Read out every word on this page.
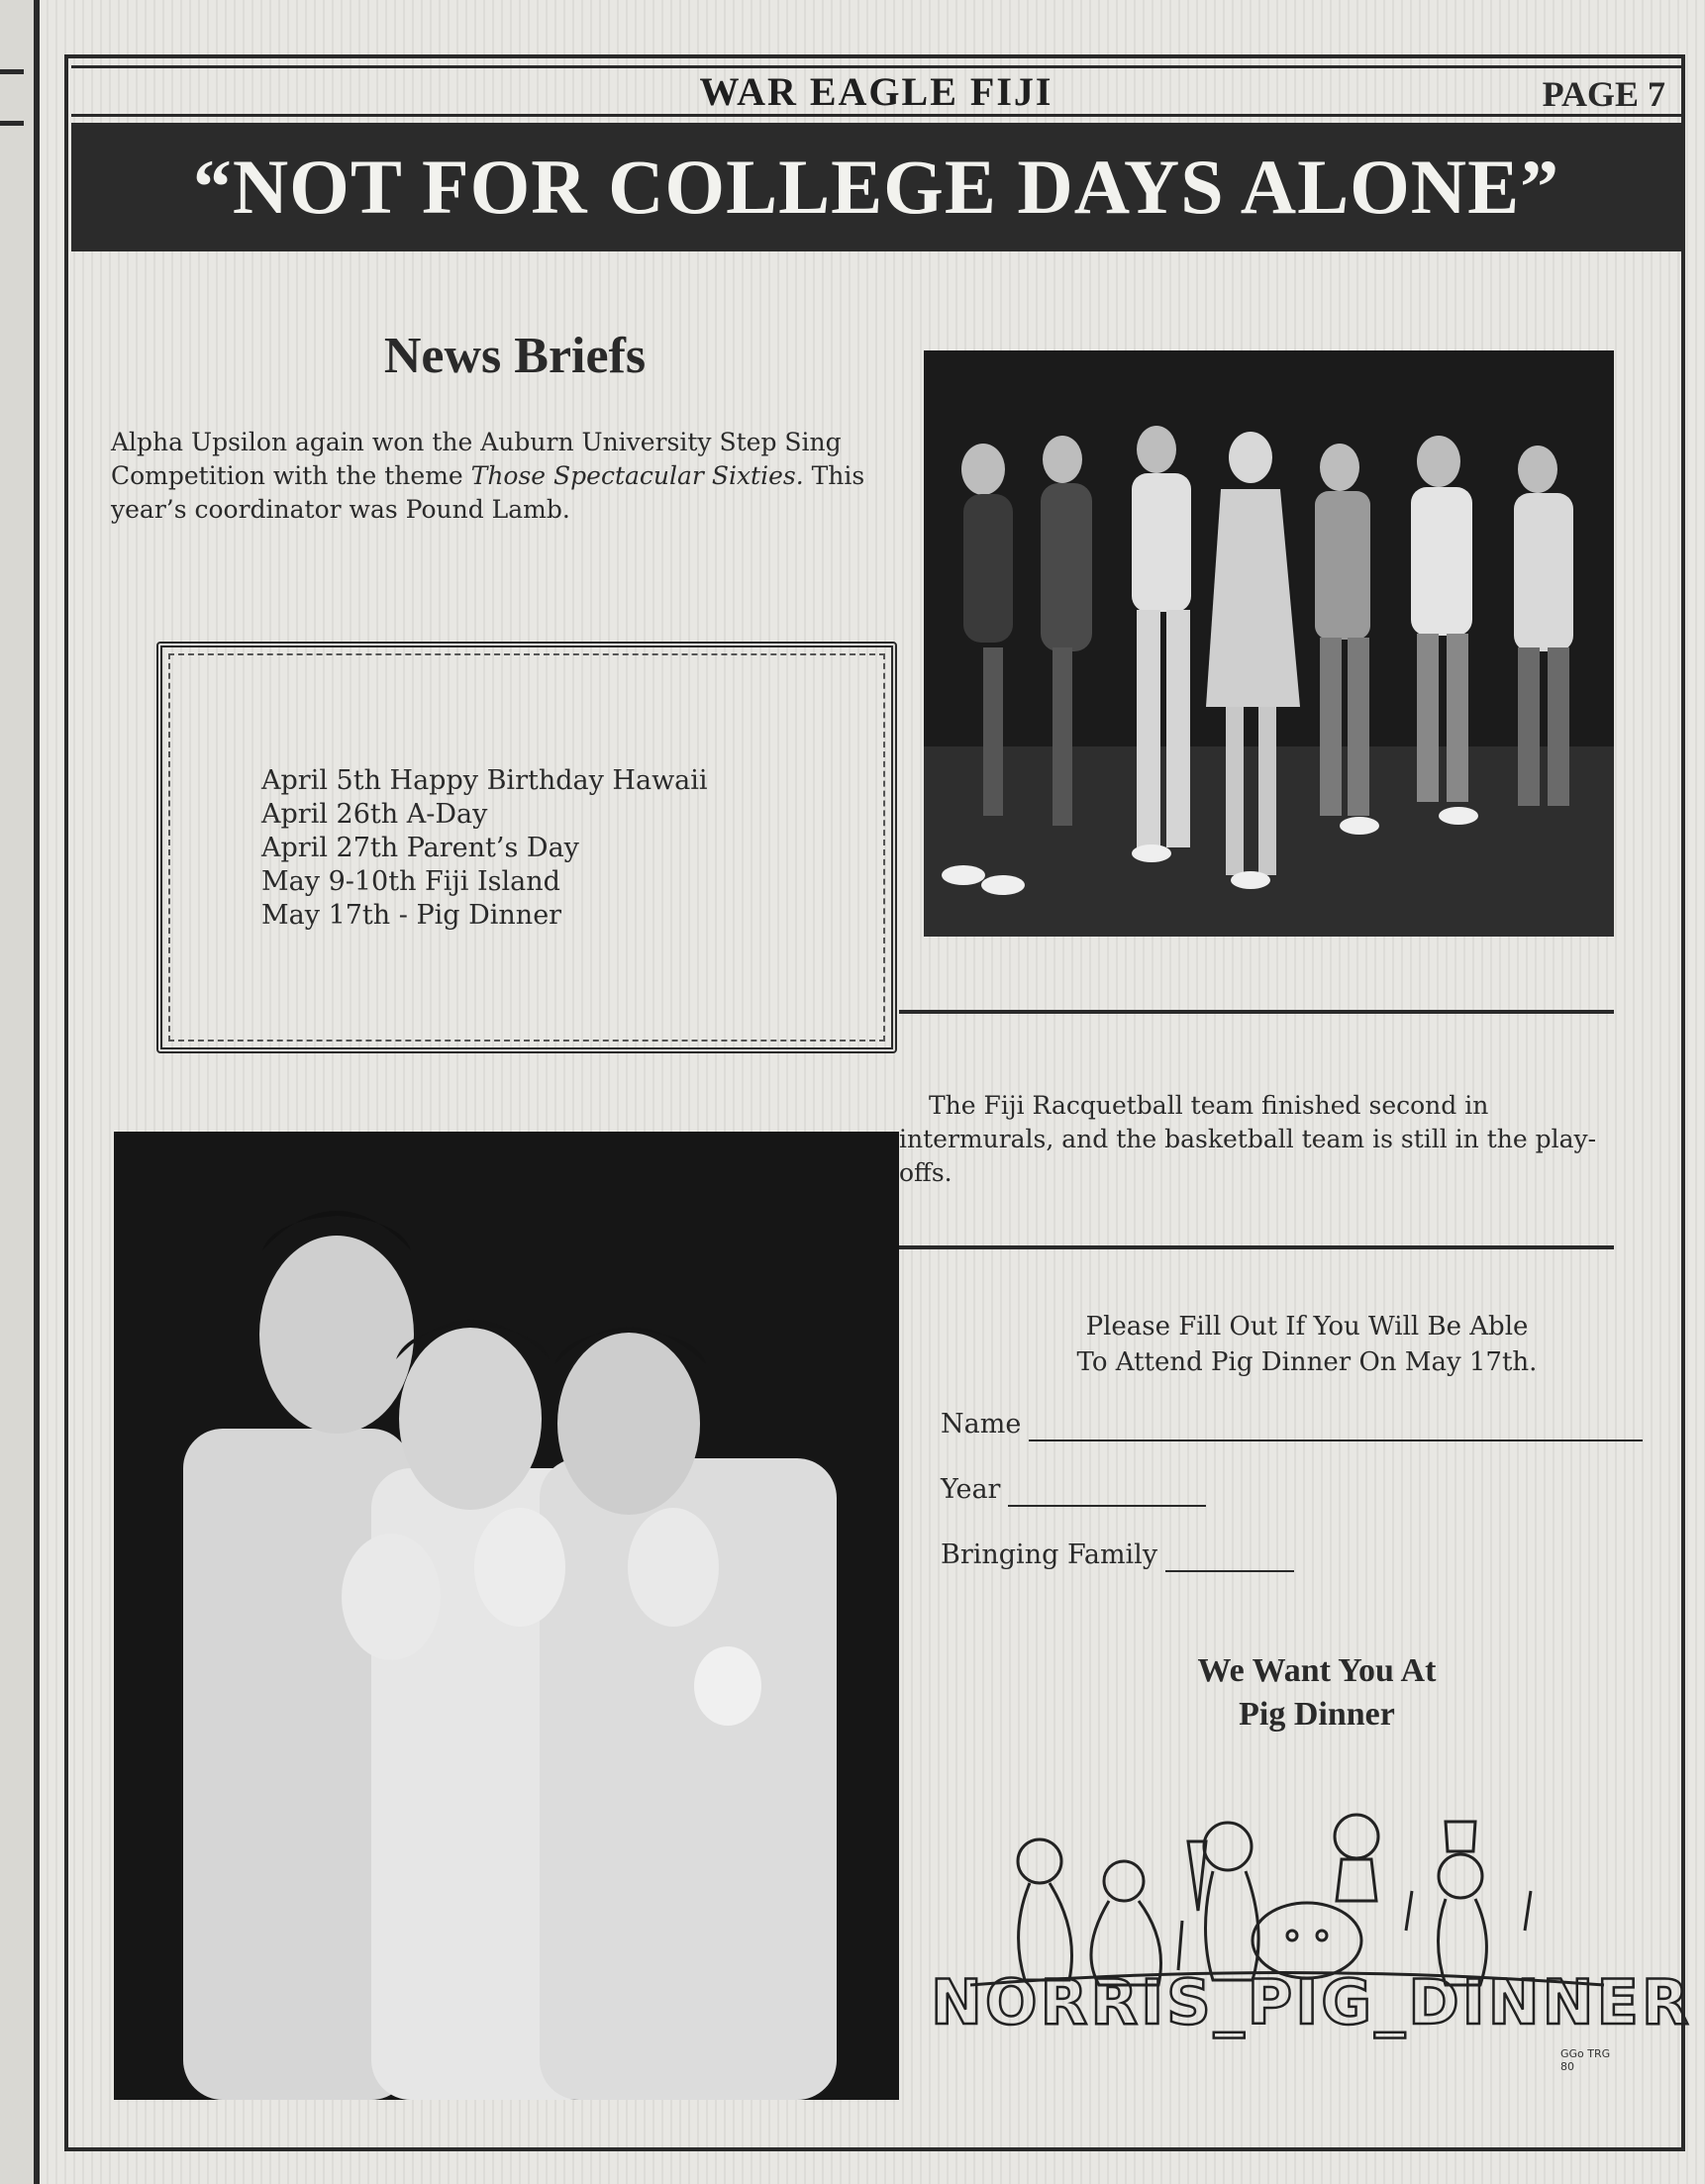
WAR EAGLE FIJI	PAGE 7
“NOT FOR COLLEGE DAYS ALONE”
News Briefs

Alpha Upsilon again won the Auburn University Step Sing Competition with the theme Those Spectacular Sixties. This year’s coordinator was Pound Lamb.

April 5th Happy Birthday Hawaii
April 26th A-Day
April 27th Parent’s Day
May 9-10th Fiji Island
May 17th - Pig Dinner

The Fiji Racquetball team finished second in intermurals, and the basketball team is still in the play-offs.

Please Fill Out If You Will Be Able
To Attend Pig Dinner On May 17th.

Name
Year
Bringing Family
We Want You At
Pig Dinner
NORRIS_PIG_DINNER
GGo TRG 80
